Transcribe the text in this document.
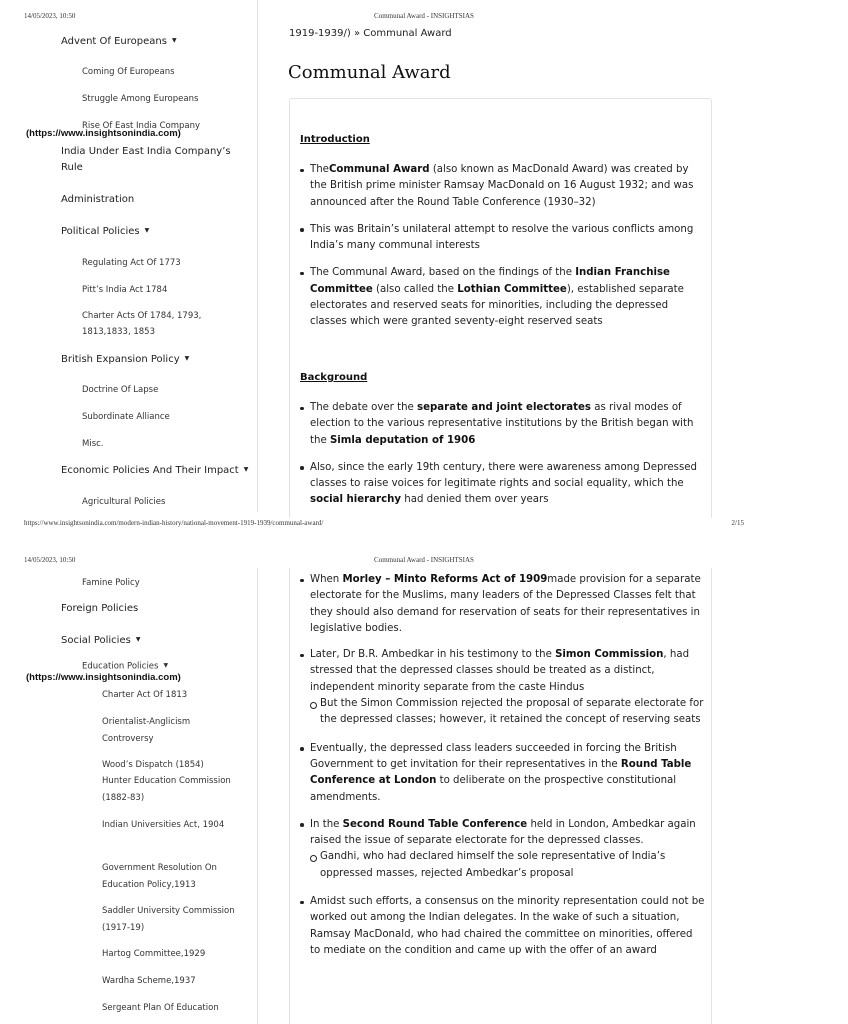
14/05/2023, 10:50	Communal Award - INSIGHTSIAS
Advent Of Europeans ▼
Coming Of Europeans
Struggle Among Europeans
Rise Of East India Company
India Under East India Company’s Rule
Administration
Political Policies ▼
Regulating Act Of 1773
Pitt’s India Act 1784
Charter Acts Of 1784, 1793, 1813,1833, 1853
British Expansion Policy ▼
Doctrine Of Lapse
Subordinate Alliance
Misc.
Economic Policies And Their Impact ▼
Agricultural Policies
(https://www.insightsonindia.com)
1919-1939/) » Communal Award
Communal Award
Introduction
TheCommunal Award (also known as MacDonald Award) was created by the British prime minister Ramsay MacDonald on 16 August 1932; and was announced after the Round Table Conference (1930–32)
This was Britain’s unilateral attempt to resolve the various conflicts among India’s many communal interests
The Communal Award, based on the findings of the Indian Franchise Committee (also called the Lothian Committee), established separate electorates and reserved seats for minorities, including the depressed classes which were granted seventy-eight reserved seats
Background
The debate over the separate and joint electorates as rival modes of election to the various representative institutions by the British began with the Simla deputation of 1906
Also, since the early 19th century, there were awareness among Depressed classes to raise voices for legitimate rights and social equality, which the social hierarchy had denied them over years
https://www.insightsonindia.com/modern-indian-history/national-movement-1919-1939/communal-award/	2/15
14/05/2023, 10:50	Communal Award - INSIGHTSIAS
Famine Policy
Foreign Policies
Social Policies ▼
Education Policies ▼
Charter Act Of 1813
Orientalist-Anglicism Controversy
Wood’s Dispatch (1854)
Hunter Education Commission (1882-83)
Indian Universities Act, 1904
Government Resolution On Education Policy,1913
Saddler University Commission (1917-19)
Hartog Committee,1929
Wardha Scheme,1937
Sergeant Plan Of Education
(https://www.insightsonindia.com)
When Morley – Minto Reforms Act of 1909made provision for a separate electorate for the Muslims, many leaders of the Depressed Classes felt that they should also demand for reservation of seats for their representatives in legislative bodies.
Later, Dr B.R. Ambedkar in his testimony to the Simon Commission, had stressed that the depressed classes should be treated as a distinct, independent minority separate from the caste Hindus
But the Simon Commission rejected the proposal of separate electorate for the depressed classes; however, it retained the concept of reserving seats
Eventually, the depressed class leaders succeeded in forcing the British Government to get invitation for their representatives in the Round Table Conference at London to deliberate on the prospective constitutional amendments.
In the Second Round Table Conference held in London, Ambedkar again raised the issue of separate electorate for the depressed classes.
Gandhi, who had declared himself the sole representative of India’s oppressed masses, rejected Ambedkar’s proposal
Amidst such efforts, a consensus on the minority representation could not be worked out among the Indian delegates. In the wake of such a situation, Ramsay MacDonald, who had chaired the committee on minorities, offered to mediate on the condition and came up with the offer of an award
